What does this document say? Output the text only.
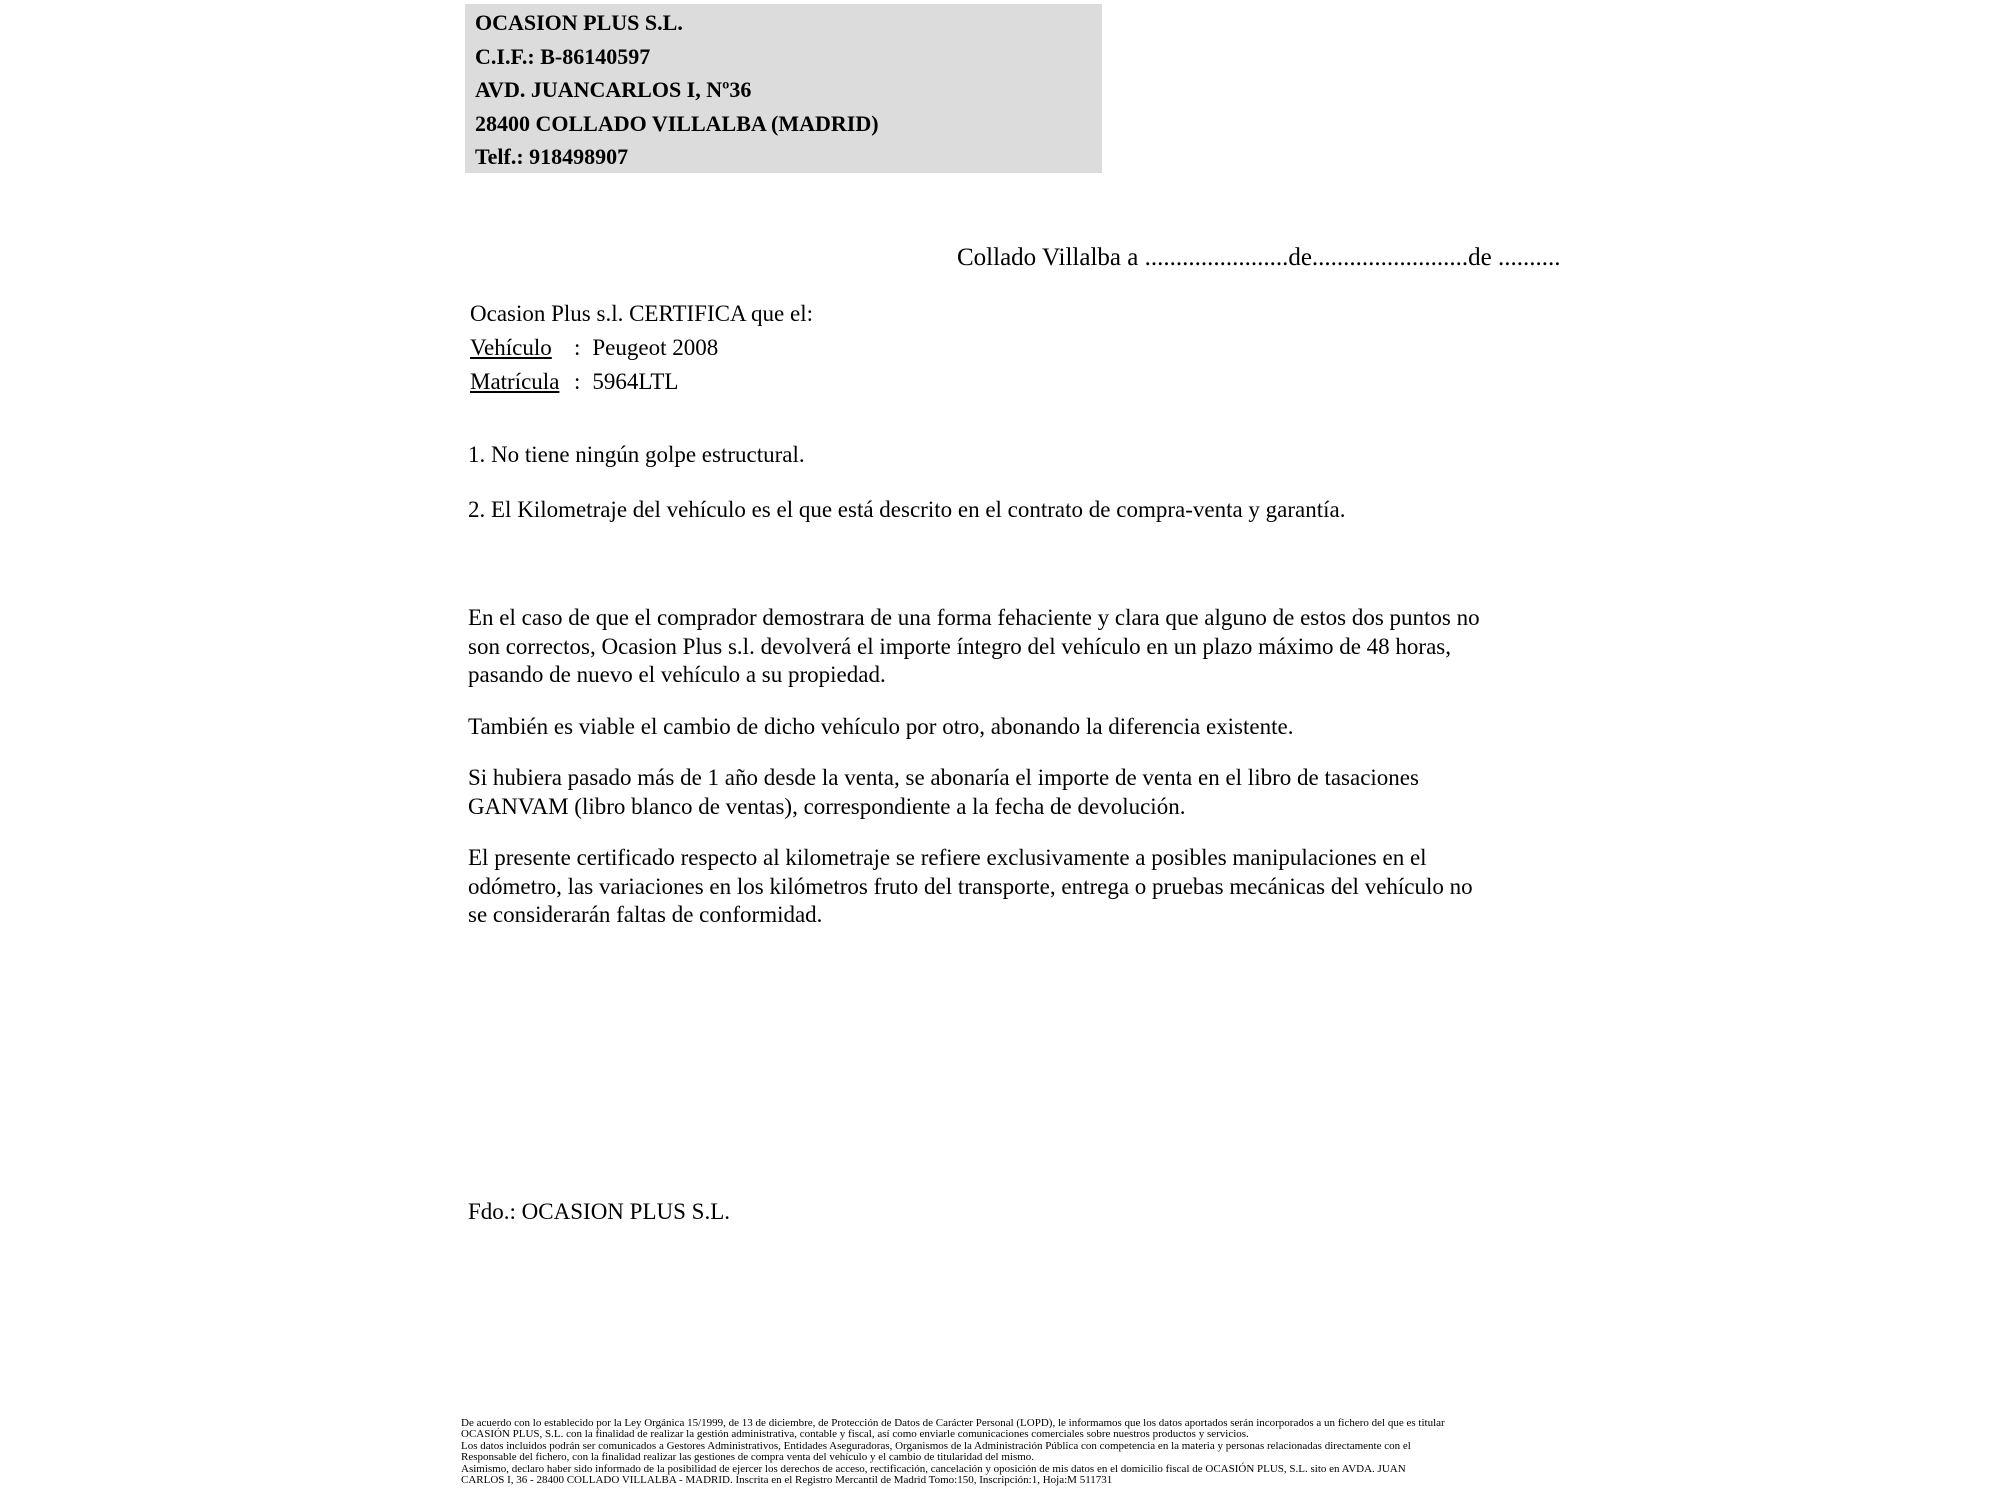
OCASION PLUS S.L.
C.I.F.: B-86140597
AVD. JUANCARLOS I, Nº36
28400 COLLADO VILLALBA (MADRID)
Telf.: 918498907
Collado Villalba a .......................de.........................de ..........
Ocasion Plus s.l. CERTIFICA que el:
Vehículo : Peugeot 2008
Matrícula : 5964LTL
1. No tiene ningún golpe estructural.
2. El Kilometraje del vehículo es el que está descrito en el contrato de compra-venta y garantía.
En el caso de que el comprador demostrara de una forma fehaciente y clara que alguno de estos dos puntos no
son correctos, Ocasion Plus s.l. devolverá el importe íntegro del vehículo en un plazo máximo de 48 horas,
pasando de nuevo el vehículo a su propiedad.
También es viable el cambio de dicho vehículo por otro, abonando la diferencia existente.
Si hubiera pasado más de 1 año desde la venta, se abonaría el importe de venta en el libro de tasaciones
GANVAM (libro blanco de ventas), correspondiente a la fecha de devolución.
El presente certificado respecto al kilometraje se refiere exclusivamente a posibles manipulaciones en el
odómetro, las variaciones en los kilómetros fruto del transporte, entrega o pruebas mecánicas del vehículo no
se considerarán faltas de conformidad.
Fdo.: OCASION PLUS S.L.
De acuerdo con lo establecido por la Ley Orgánica 15/1999, de 13 de diciembre, de Protección de Datos de Carácter Personal (LOPD), le informamos que los datos aportados serán incorporados a un fichero del que es titular
OCASIÓN PLUS, S.L. con la finalidad de realizar la gestión administrativa, contable y fiscal, así como enviarle comunicaciones comerciales sobre nuestros productos y servicios.
Los datos incluidos podrán ser comunicados a Gestores Administrativos, Entidades Aseguradoras, Organismos de la Administración Pública con competencia en la materia y personas relacionadas directamente con el
Responsable del fichero, con la finalidad realizar las gestiones de compra venta del vehículo y el cambio de titularidad del mismo.
Asimismo, declaro haber sido informado de la posibilidad de ejercer los derechos de acceso, rectificación, cancelación y oposición de mis datos en el domicilio fiscal de OCASIÓN PLUS, S.L. sito en AVDA. JUAN
CARLOS I, 36 - 28400 COLLADO VILLALBA - MADRID. Inscrita en el Registro Mercantil de Madrid Tomo:150, Inscripción:1, Hoja:M 511731
